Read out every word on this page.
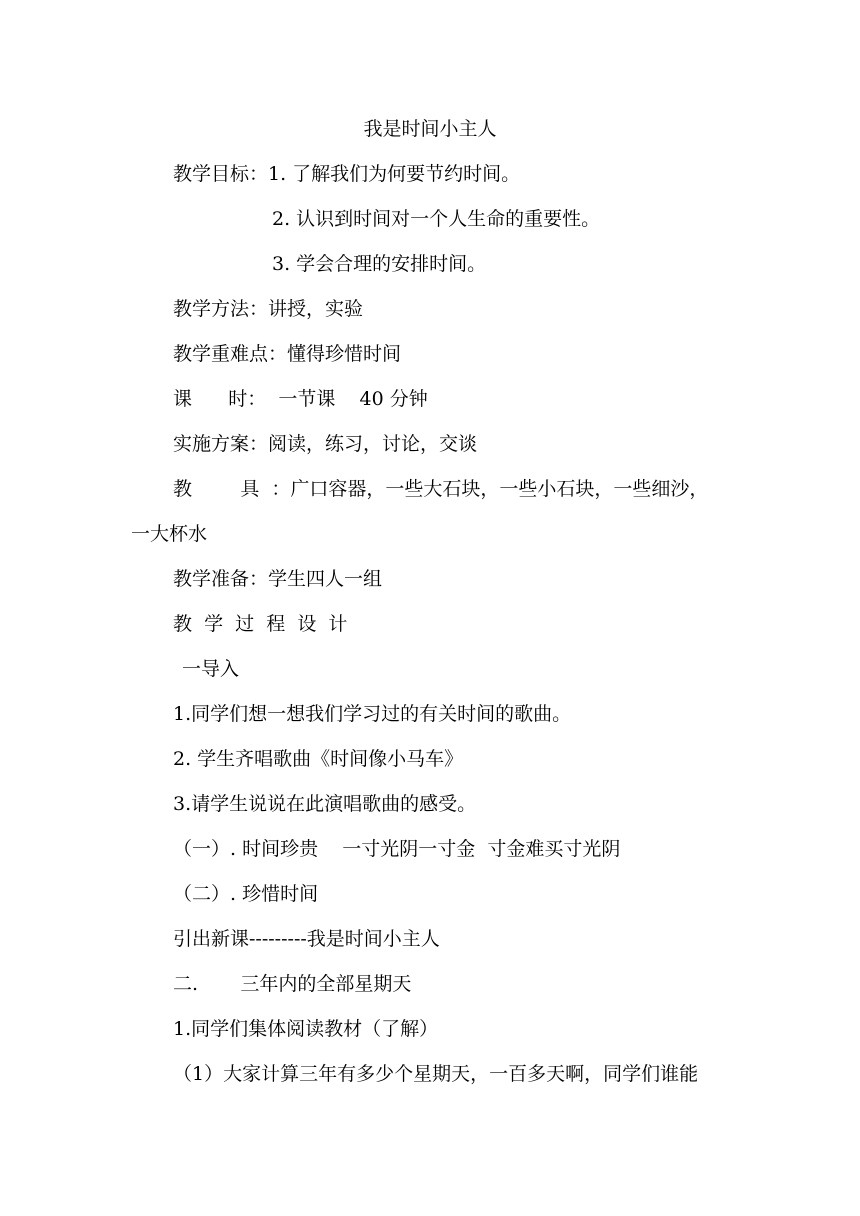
我是时间小主人

教学目标：1. 了解我们为何要节约时间。

2. 认识到时间对一个人生命的重要性。

3. 学会合理的安排时间。

教学方法：讲授，实验

教学重难点：懂得珍惜时间

课      时：  一节课    40 分钟

实施方案：阅读，练习，讨论，交谈

教        具  ：广口容器，一些大石块，一些小石块，一些细沙，

一大杯水

教学准备：学生四人一组

教  学  过  程  设  计

一导入

1.同学们想一想我们学习过的有关时间的歌曲。

2. 学生齐唱歌曲《时间像小马车》

3.请学生说说在此演唱歌曲的感受。

（一）. 时间珍贵    一寸光阴一寸金  寸金难买寸光阴

（二）. 珍惜时间

引出新课---------我是时间小主人

二.       三年内的全部星期天

1.同学们集体阅读教材（了解）

（1）大家计算三年有多少个星期天，一百多天啊，同学们谁能
